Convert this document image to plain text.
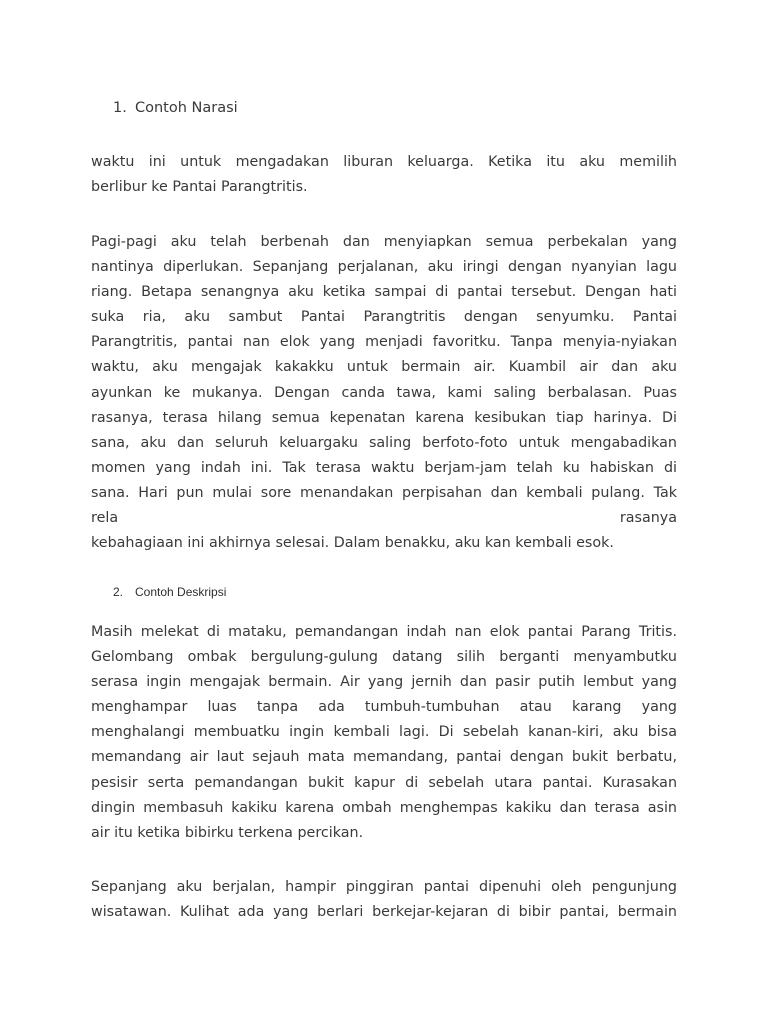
1. Contoh Narasi
waktu ini untuk mengadakan liburan keluarga. Ketika itu aku memilih
berlibur ke Pantai Parangtritis.
Pagi-pagi aku telah berbenah dan menyiapkan semua perbekalan yang
nantinya diperlukan. Sepanjang perjalanan, aku iringi dengan nyanyian lagu
riang. Betapa senangnya aku ketika sampai di pantai tersebut. Dengan hati
suka ria, aku sambut Pantai Parangtritis dengan senyumku. Pantai
Parangtritis, pantai nan elok yang menjadi favoritku. Tanpa menyia-nyiakan
waktu, aku mengajak kakakku untuk bermain air. Kuambil air dan aku
ayunkan ke mukanya. Dengan canda tawa, kami saling berbalasan. Puas
rasanya, terasa hilang semua kepenatan karena kesibukan tiap harinya. Di
sana, aku dan seluruh keluargaku saling berfoto-foto untuk mengabadikan
momen yang indah ini. Tak terasa waktu berjam-jam telah ku habiskan di
sana. Hari pun mulai sore menandakan perpisahan dan kembali pulang. Tak
rela rasanya
kebahagiaan ini akhirnya selesai. Dalam benakku, aku kan kembali esok.
2. Contoh Deskripsi
Masih melekat di mataku, pemandangan indah nan elok pantai Parang Tritis.
Gelombang ombak bergulung-gulung datang silih berganti menyambutku
serasa ingin mengajak bermain. Air yang jernih dan pasir putih lembut yang
menghampar luas tanpa ada tumbuh-tumbuhan atau karang yang
menghalangi membuatku ingin kembali lagi. Di sebelah kanan-kiri, aku bisa
memandang air laut sejauh mata memandang, pantai dengan bukit berbatu,
pesisir serta pemandangan bukit kapur di sebelah utara pantai. Kurasakan
dingin membasuh kakiku karena ombah menghempas kakiku dan terasa asin
air itu ketika bibirku terkena percikan.
Sepanjang aku berjalan, hampir pinggiran pantai dipenuhi oleh pengunjung
wisatawan. Kulihat ada yang berlari berkejar-kejaran di bibir pantai, bermain
